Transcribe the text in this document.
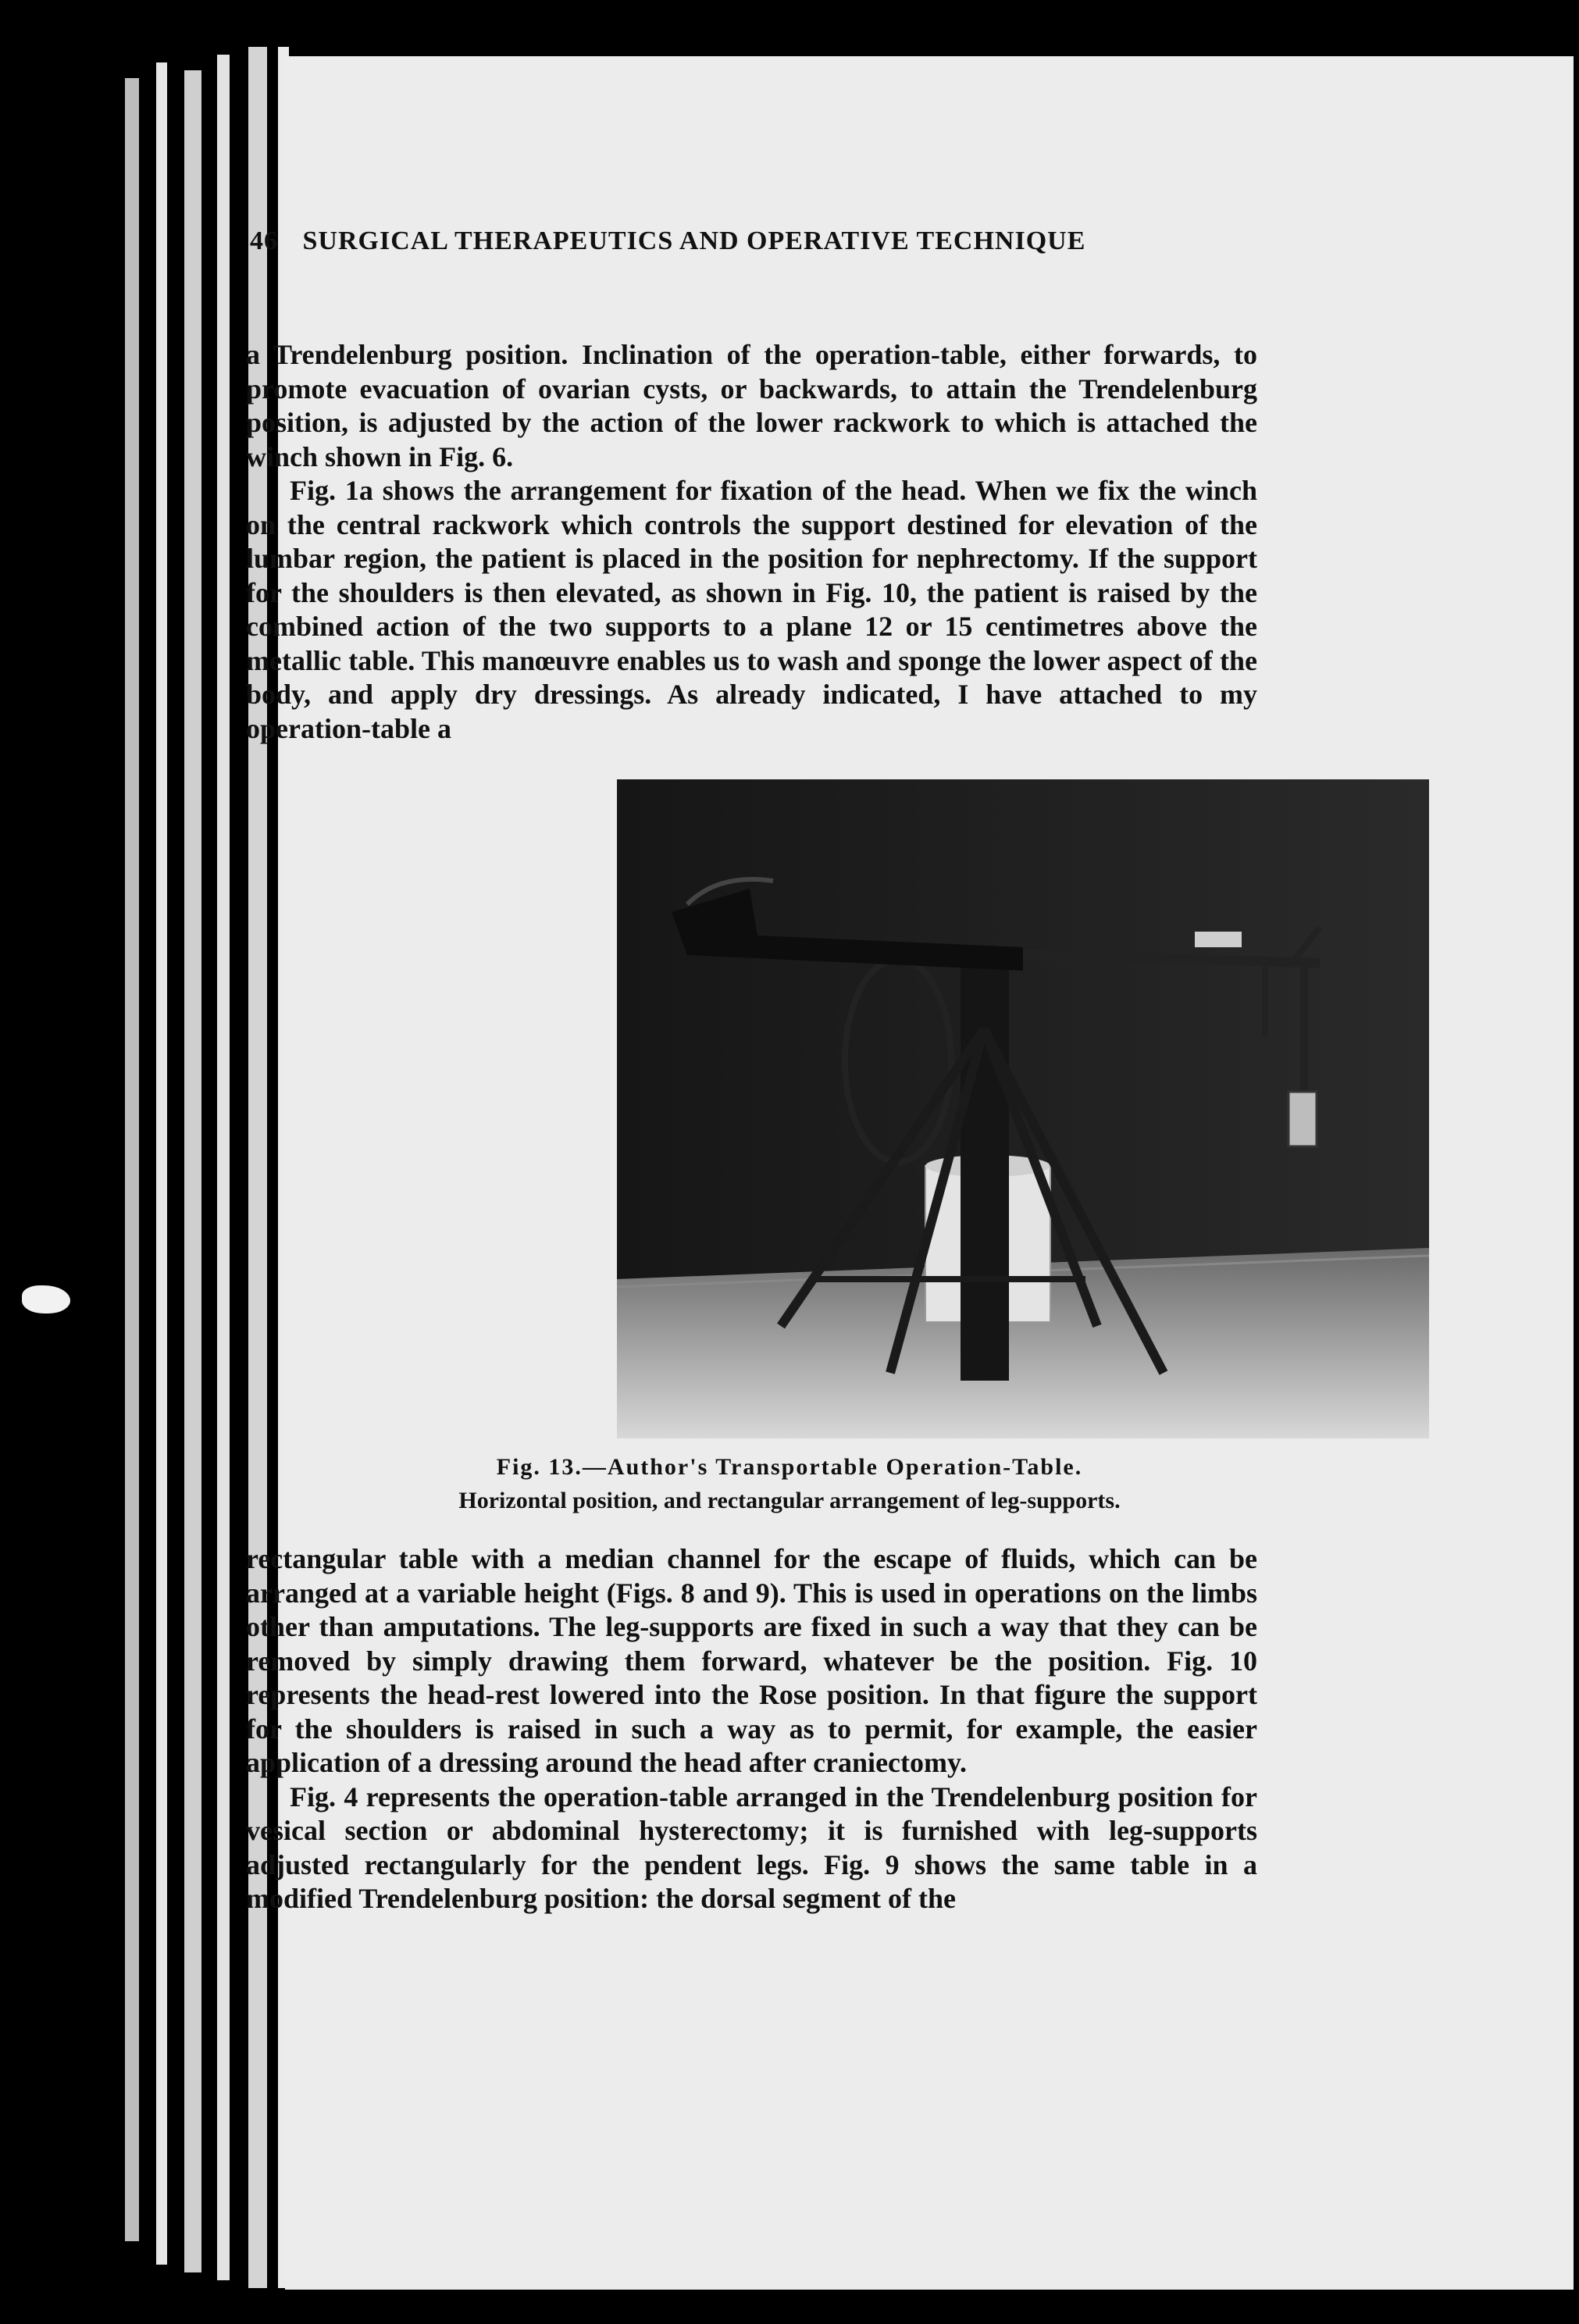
46 SURGICAL THERAPEUTICS AND OPERATIVE TECHNIQUE
a Trendelenburg position. Inclination of the operation-table, either forwards, to promote evacuation of ovarian cysts, or backwards, to attain the Trendelenburg position, is adjusted by the action of the lower rackwork to which is attached the winch shown in Fig. 6.
Fig. 1a shows the arrangement for fixation of the head. When we fix the winch on the central rackwork which controls the support destined for elevation of the lumbar region, the patient is placed in the position for nephrectomy. If the support for the shoulders is then elevated, as shown in Fig. 10, the patient is raised by the combined action of the two supports to a plane 12 or 15 centimetres above the metallic table. This manœuvre enables us to wash and sponge the lower aspect of the body, and apply dry dressings. As already indicated, I have attached to my operation-table a
Fig. 13.—Author's Transportable Operation-Table.
Horizontal position, and rectangular arrangement of leg-supports.
rectangular table with a median channel for the escape of fluids, which can be arranged at a variable height (Figs. 8 and 9). This is used in operations on the limbs other than amputations. The leg-supports are fixed in such a way that they can be removed by simply drawing them forward, whatever be the position. Fig. 10 represents the head-rest lowered into the Rose position. In that figure the support for the shoulders is raised in such a way as to permit, for example, the easier application of a dressing around the head after craniectomy.
Fig. 4 represents the operation-table arranged in the Trendelenburg position for vesical section or abdominal hysterectomy; it is furnished with leg-supports adjusted rectangularly for the pendent legs. Fig. 9 shows the same table in a modified Trendelenburg position: the dorsal segment of the
